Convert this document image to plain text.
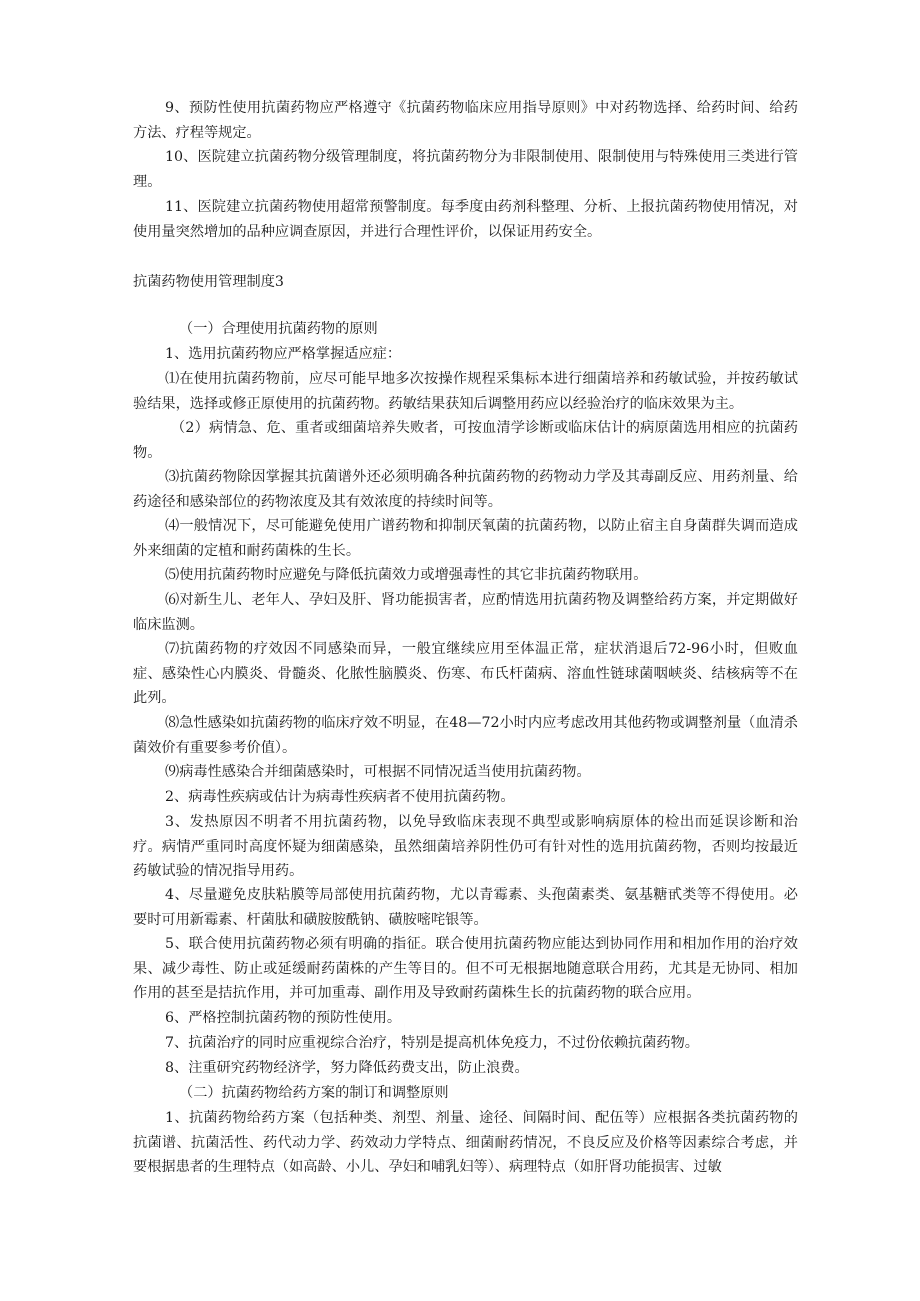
9、预防性使用抗菌药物应严格遵守《抗菌药物临床应用指导原则》中对药物选择、给药时间、给药方法、疗程等规定。

10、医院建立抗菌药物分级管理制度，将抗菌药物分为非限制使用、限制使用与特殊使用三类进行管理。

11、医院建立抗菌药物使用超常预警制度。每季度由药剂科整理、分析、上报抗菌药物使用情况，对使用量突然增加的品种应调查原因，并进行合理性评价，以保证用药安全。

抗菌药物使用管理制度3

（一）合理使用抗菌药物的原则

1、选用抗菌药物应严格掌握适应症：

⑴在使用抗菌药物前，应尽可能早地多次按操作规程采集标本进行细菌培养和药敏试验，并按药敏试验结果，选择或修正原使用的抗菌药物。药敏结果获知后调整用药应以经验治疗的临床效果为主。

（2）病情急、危、重者或细菌培养失败者，可按血清学诊断或临床估计的病原菌选用相应的抗菌药物。

⑶抗菌药物除因掌握其抗菌谱外还必须明确各种抗菌药物的药物动力学及其毒副反应、用药剂量、给药途径和感染部位的药物浓度及其有效浓度的持续时间等。

⑷一般情况下，尽可能避免使用广谱药物和抑制厌氧菌的抗菌药物，以防止宿主自身菌群失调而造成外来细菌的定植和耐药菌株的生长。

⑸使用抗菌药物时应避免与降低抗菌效力或增强毒性的其它非抗菌药物联用。

⑹对新生儿、老年人、孕妇及肝、肾功能损害者，应酌情选用抗菌药物及调整给药方案，并定期做好临床监测。

⑺抗菌药物的疗效因不同感染而异，一般宜继续应用至体温正常，症状消退后72-96小时，但败血症、感染性心内膜炎、骨髓炎、化脓性脑膜炎、伤寒、布氏杆菌病、溶血性链球菌咽峡炎、结核病等不在此列。

⑻急性感染如抗菌药物的临床疗效不明显，在48—72小时内应考虑改用其他药物或调整剂量（血清杀菌效价有重要参考价值）。

⑼病毒性感染合并细菌感染时，可根据不同情况适当使用抗菌药物。

2、病毒性疾病或估计为病毒性疾病者不使用抗菌药物。

3、发热原因不明者不用抗菌药物，以免导致临床表现不典型或影响病原体的检出而延误诊断和治疗。病情严重同时高度怀疑为细菌感染，虽然细菌培养阴性仍可有针对性的选用抗菌药物，否则均按最近药敏试验的情况指导用药。

4、尽量避免皮肤粘膜等局部使用抗菌药物，尤以青霉素、头孢菌素类、氨基糖甙类等不得使用。必要时可用新霉素、杆菌肽和磺胺胺酰钠、磺胺嘧咤银等。

5、联合使用抗菌药物必须有明确的指征。联合使用抗菌药物应能达到协同作用和相加作用的治疗效果、减少毒性、防止或延缓耐药菌株的产生等目的。但不可无根据地随意联合用药，尤其是无协同、相加作用的甚至是拮抗作用，并可加重毒、副作用及导致耐药菌株生长的抗菌药物的联合应用。

6、严格控制抗菌药物的预防性使用。

7、抗菌治疗的同时应重视综合治疗，特别是提高机体免疫力，不过份依赖抗菌药物。

8、注重研究药物经济学，努力降低药费支出，防止浪费。

（二）抗菌药物给药方案的制订和调整原则

1、抗菌药物给药方案（包括种类、剂型、剂量、途径、间隔时间、配伍等）应根据各类抗菌药物的抗菌谱、抗菌活性、药代动力学、药效动力学特点、细菌耐药情况，不良反应及价格等因素综合考虑，并要根据患者的生理特点（如高龄、小儿、孕妇和哺乳妇等）、病理特点（如肝肾功能损害、过敏
